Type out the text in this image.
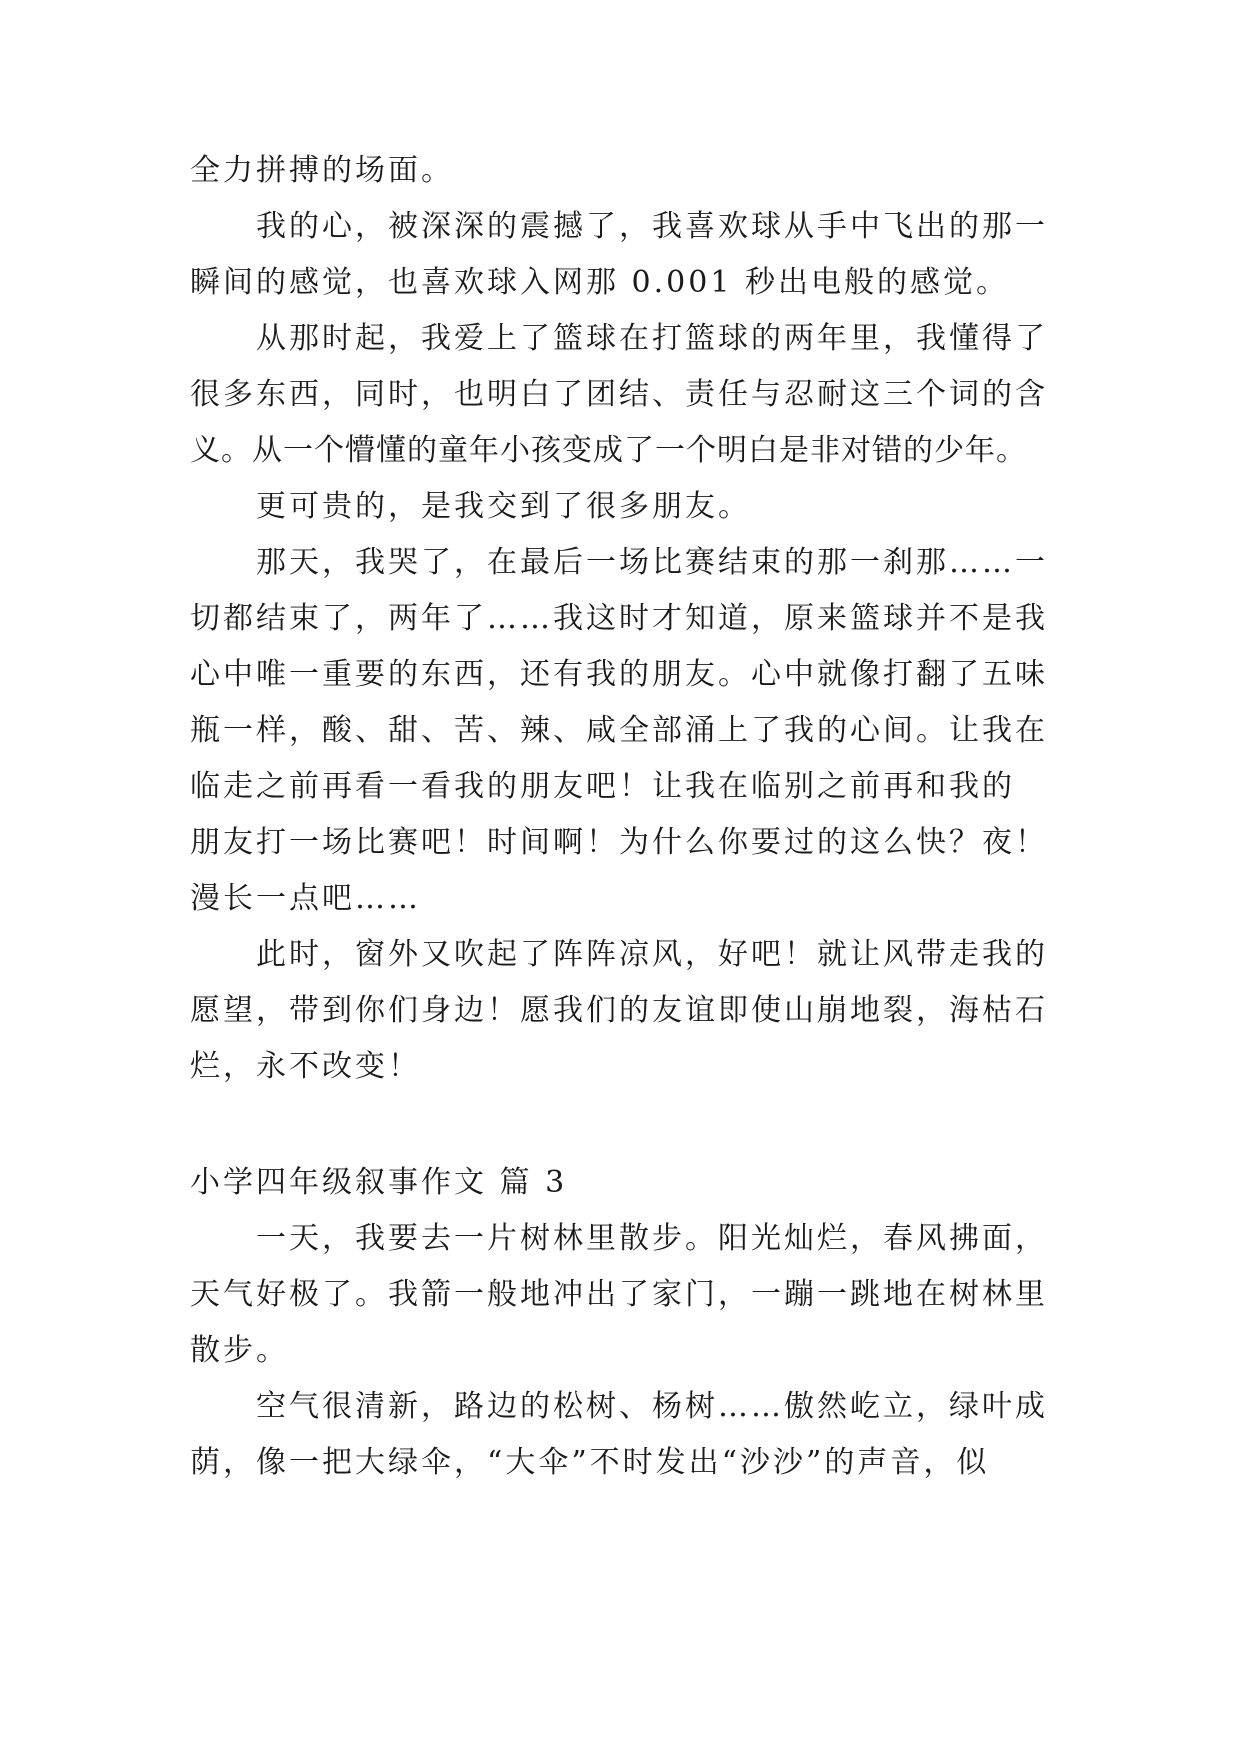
全力拼搏的场面。

我的心，被深深的震撼了，我喜欢球从手中飞出的那一

瞬间的感觉，也喜欢球入网那 0.001 秒出电般的感觉。

从那时起，我爱上了篮球在打篮球的两年里，我懂得了

很多东西，同时，也明白了团结、责任与忍耐这三个词的含

义。从一个懵懂的童年小孩变成了一个明白是非对错的少年。

更可贵的，是我交到了很多朋友。

那天，我哭了，在最后一场比赛结束的那一刹那……一

切都结束了，两年了……我这时才知道，原来篮球并不是我

心中唯一重要的东西，还有我的朋友。心中就像打翻了五味

瓶一样，酸、甜、苦、辣、咸全部涌上了我的心间。让我在

临走之前再看一看我的朋友吧！让我在临别之前再和我的

朋友打一场比赛吧！时间啊！为什么你要过的这么快？夜！

漫长一点吧……

此时，窗外又吹起了阵阵凉风，好吧！就让风带走我的

愿望，带到你们身边！愿我们的友谊即使山崩地裂，海枯石

烂，永不改变！

小学四年级叙事作文 篇 3

一天，我要去一片树林里散步。阳光灿烂，春风拂面，

天气好极了。我箭一般地冲出了家门，一蹦一跳地在树林里

散步。

空气很清新，路边的松树、杨树……傲然屹立，绿叶成

荫，像一把大绿伞，“大伞”不时发出“沙沙”的声音，似
